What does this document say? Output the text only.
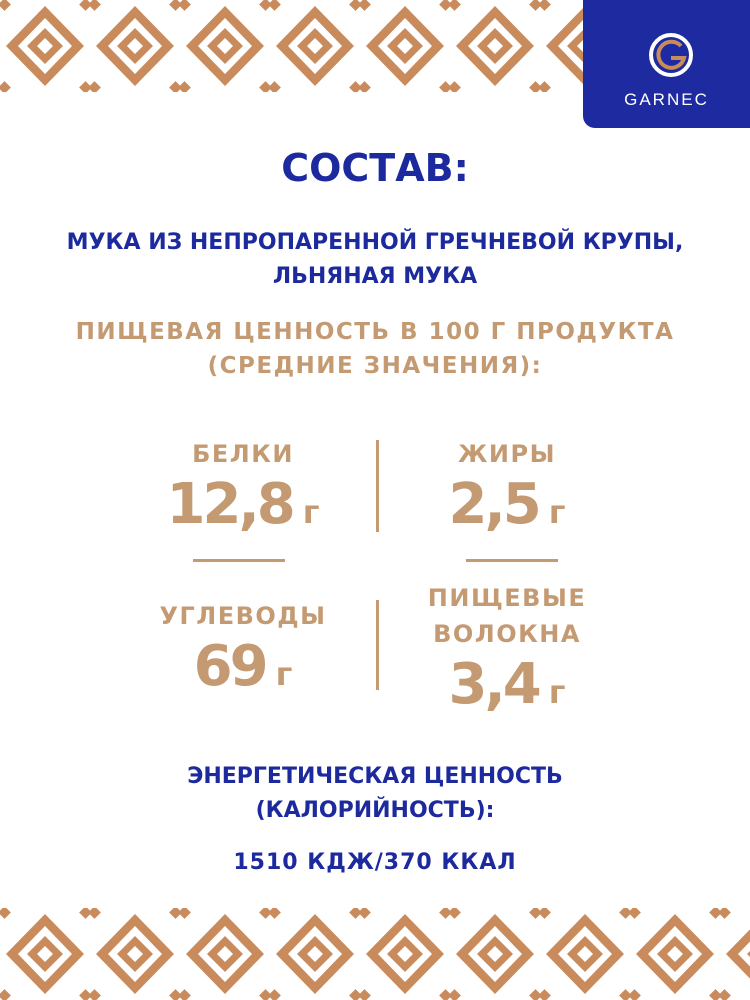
GARNEC
СОСТАВ:
МУКА ИЗ НЕПРОПАРЕННОЙ ГРЕЧНЕВОЙ КРУПЫ,
ЛЬНЯНАЯ МУКА
ПИЩЕВАЯ ЦЕННОСТЬ В 100 Г ПРОДУКТА
(СРЕДНИЕ ЗНАЧЕНИЯ):
БЕЛКИ
12,8 г
ЖИРЫ
2,5 г
УГЛЕВОДЫ
69 г
ПИЩЕВЫЕ
ВОЛОКНА
3,4 г
ЭНЕРГЕТИЧЕСКАЯ ЦЕННОСТЬ
(КАЛОРИЙНОСТЬ):
1510 КДЖ/370 ККАЛ
